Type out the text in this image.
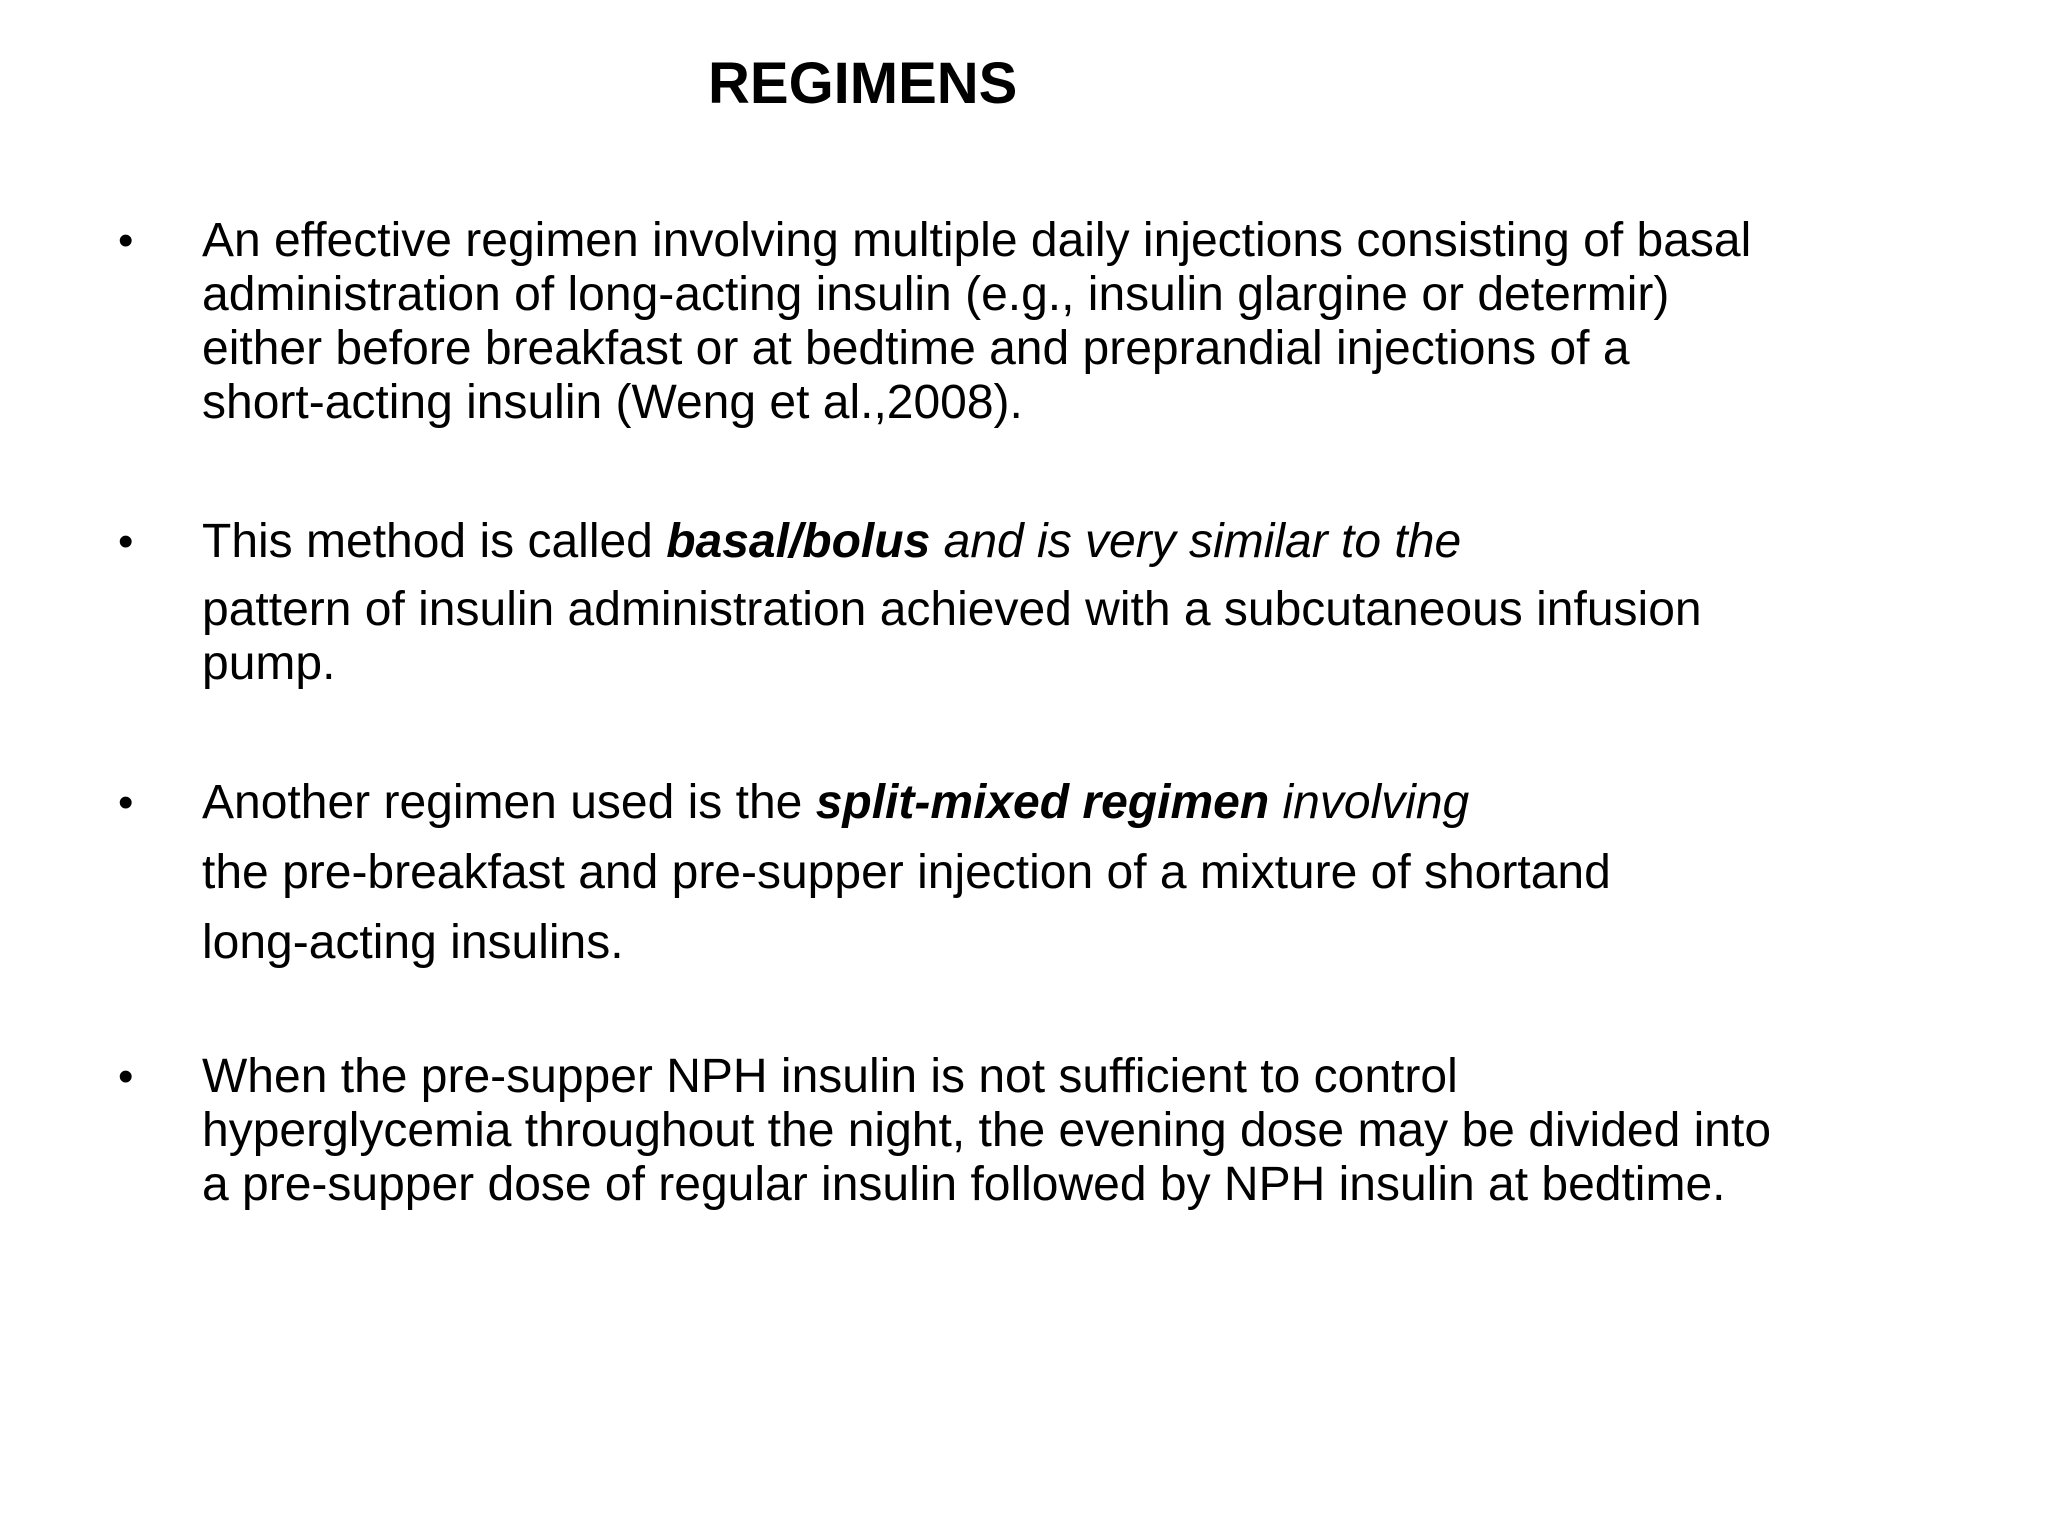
REGIMENS
• An effective regimen involving multiple daily injections consisting of basal
administration of long-acting insulin (e.g., insulin glargine or determir)
either before breakfast or at bedtime and preprandial injections of a
short-acting insulin (Weng et al.,2008).
• This method is called basal/bolus and is very similar to the
pattern of insulin administration achieved with a subcutaneous infusion
pump.
• Another regimen used is the split-mixed regimen involving
the pre-breakfast and pre-supper injection of a mixture of shortand
long-acting insulins.
• When the pre-supper NPH insulin is not sufficient to control
hyperglycemia throughout the night, the evening dose may be divided into
a pre-supper dose of regular insulin followed by NPH insulin at bedtime.
